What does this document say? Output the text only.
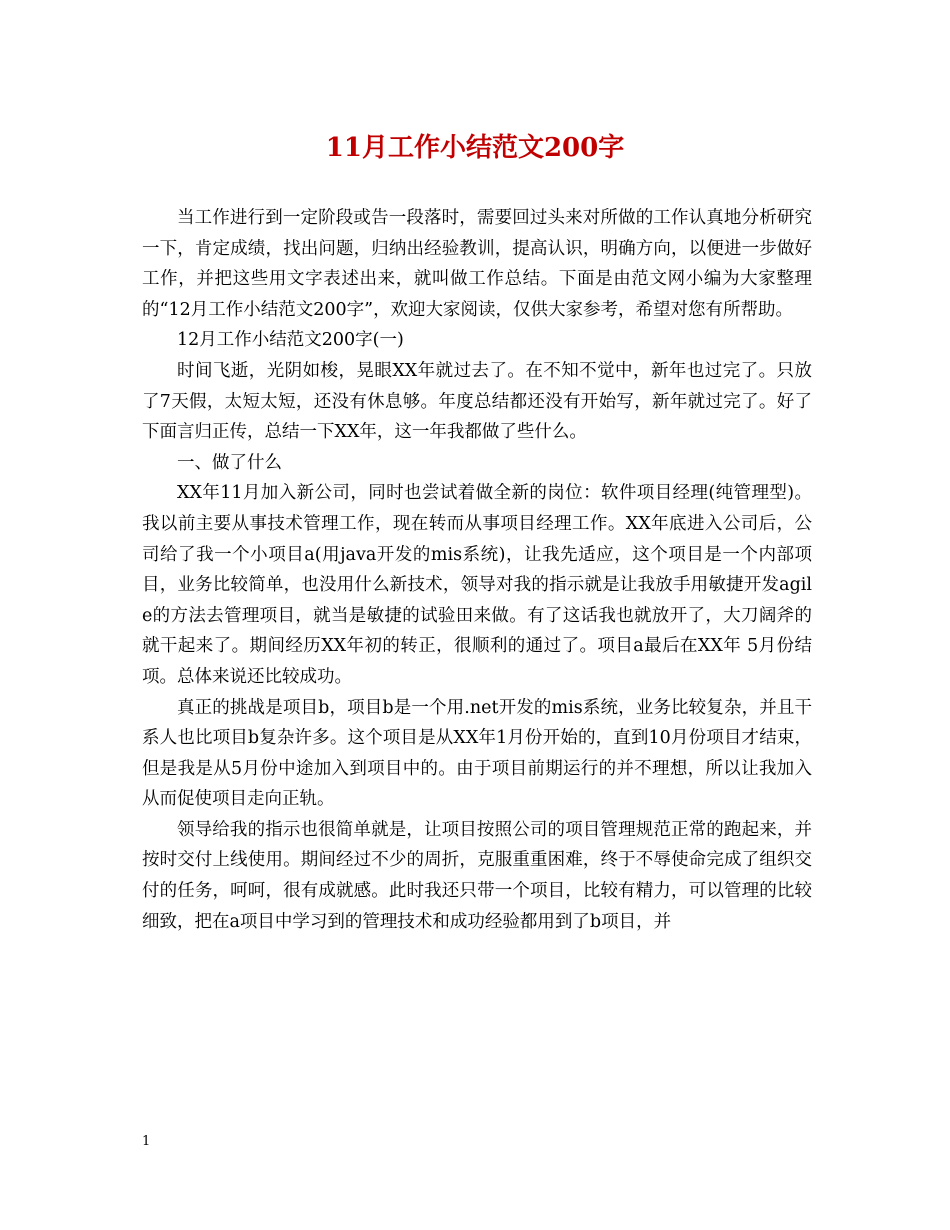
11月工作小结范文200字

当工作进行到一定阶段或告一段落时，需要回过头来对所做的工作认真地分析研究一下，肯定成绩，找出问题，归纳出经验教训，提高认识，明确方向，以便进一步做好工作，并把这些用文字表述出来，就叫做工作总结。下面是由范文网小编为大家整理的“12月工作小结范文200字”，欢迎大家阅读，仅供大家参考，希望对您有所帮助。

12月工作小结范文200字(一)

时间飞逝，光阴如梭，晃眼XX年就过去了。在不知不觉中，新年也过完了。只放了7天假，太短太短，还没有休息够。年度总结都还没有开始写，新年就过完了。好了下面言归正传，总结一下XX年，这一年我都做了些什么。

一、做了什么

XX年11月加入新公司，同时也尝试着做全新的岗位：软件项目经理(纯管理型)。我以前主要从事技术管理工作，现在转而从事项目经理工作。XX年底进入公司后，公司给了我一个小项目a(用java开发的mis系统)，让我先适应，这个项目是一个内部项目，业务比较简单，也没用什么新技术，领导对我的指示就是让我放手用敏捷开发agile的方法去管理项目，就当是敏捷的试验田来做。有了这话我也就放开了，大刀阔斧的就干起来了。期间经历XX年初的转正，很顺利的通过了。项目a最后在XX年 5月份结项。总体来说还比较成功。

真正的挑战是项目b，项目b是一个用.net开发的mis系统，业务比较复杂，并且干系人也比项目b复杂许多。这个项目是从XX年1月份开始的，直到10月份项目才结束，但是我是从5月份中途加入到项目中的。由于项目前期运行的并不理想，所以让我加入从而促使项目走向正轨。

领导给我的指示也很简单就是，让项目按照公司的项目管理规范正常的跑起来，并按时交付上线使用。期间经过不少的周折，克服重重困难，终于不辱使命完成了组织交付的任务，呵呵，很有成就感。此时我还只带一个项目，比较有精力，可以管理的比较细致，把在a项目中学习到的管理技术和成功经验都用到了b项目，并

1
